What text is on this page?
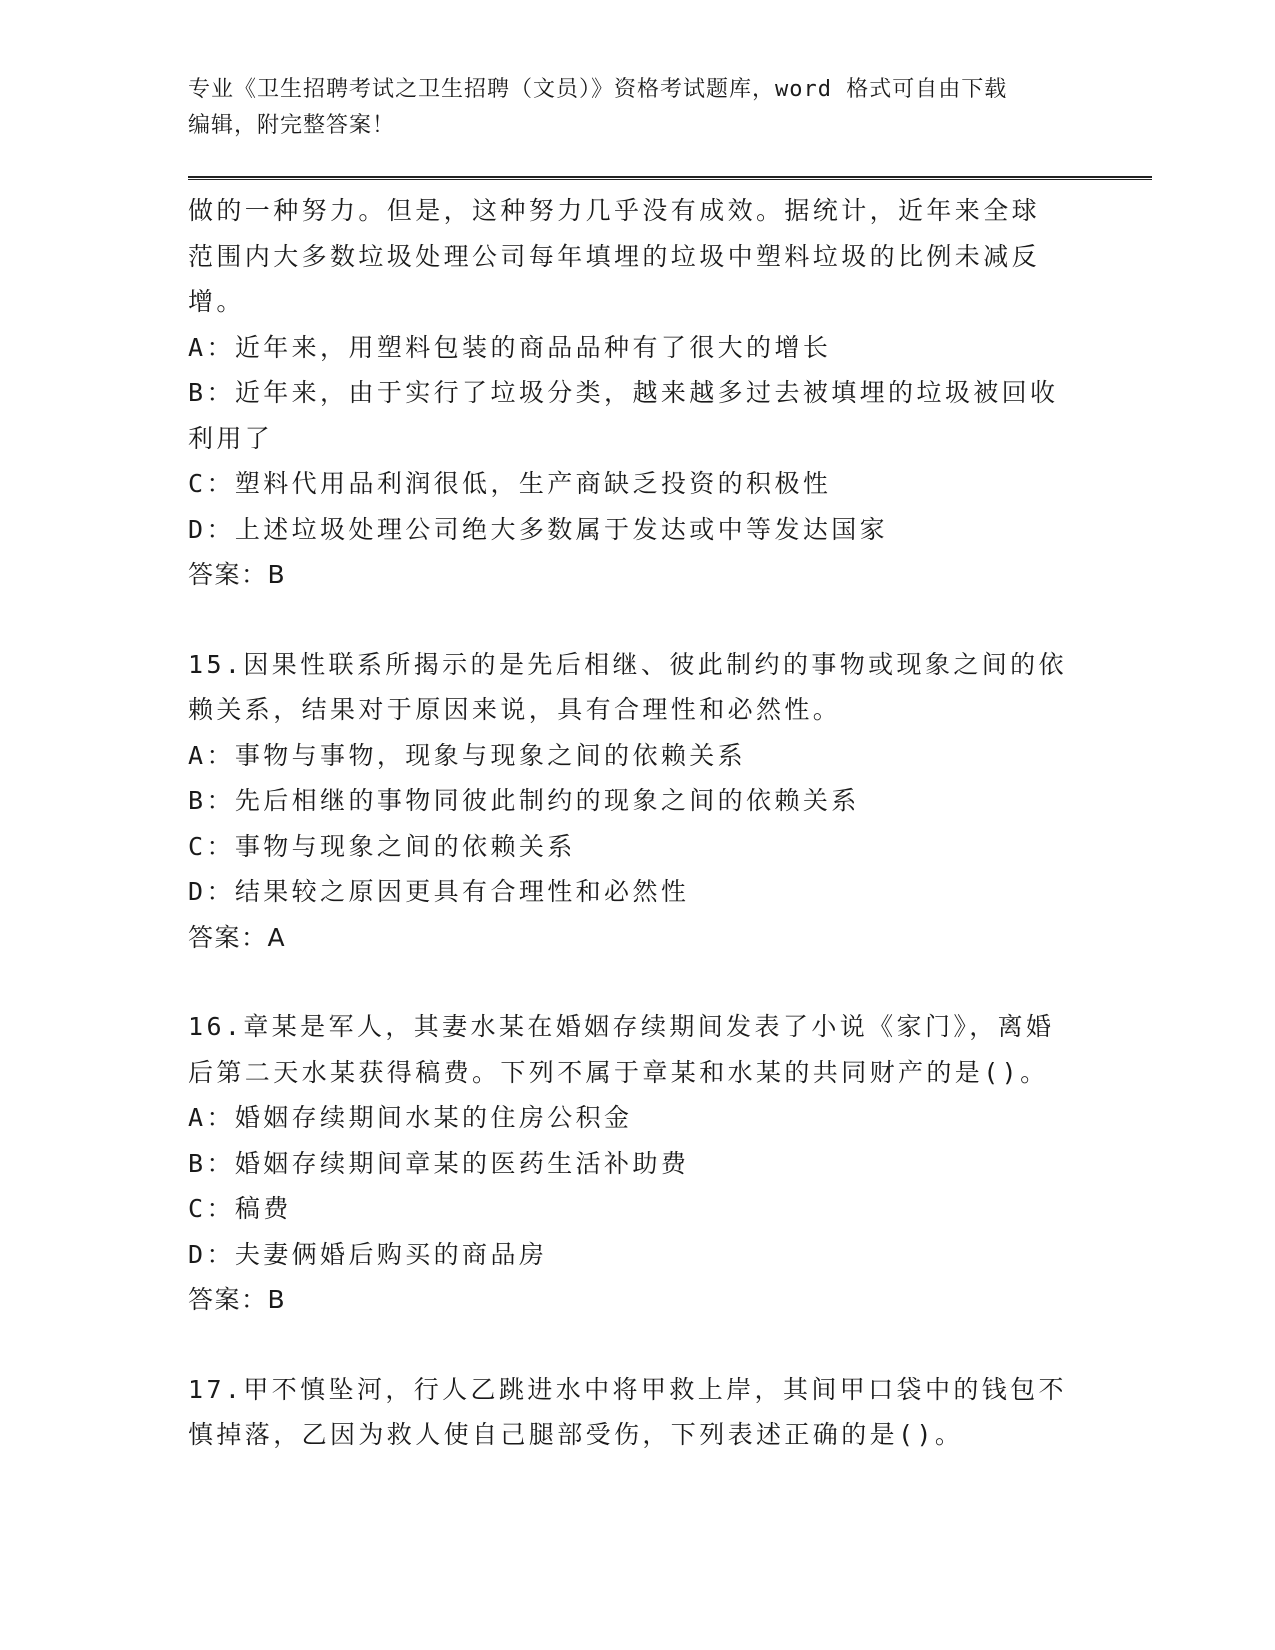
专业《卫生招聘考试之卫生招聘（文员）》资格考试题库，word 格式可自由下载
编辑，附完整答案！
做的一种努力。但是，这种努力几乎没有成效。据统计，近年来全球
范围内大多数垃圾处理公司每年填埋的垃圾中塑料垃圾的比例未减反
增。
A：近年来，用塑料包装的商品品种有了很大的增长
B：近年来，由于实行了垃圾分类，越来越多过去被填埋的垃圾被回收
利用了
C：塑料代用品利润很低，生产商缺乏投资的积极性
D：上述垃圾处理公司绝大多数属于发达或中等发达国家
答案：B
15.因果性联系所揭示的是先后相继、彼此制约的事物或现象之间的依
赖关系，结果对于原因来说，具有合理性和必然性。
A：事物与事物，现象与现象之间的依赖关系
B：先后相继的事物同彼此制约的现象之间的依赖关系
C：事物与现象之间的依赖关系
D：结果较之原因更具有合理性和必然性
答案：A
16.章某是军人，其妻水某在婚姻存续期间发表了小说《家门》，离婚
后第二天水某获得稿费。下列不属于章某和水某的共同财产的是()。
A：婚姻存续期间水某的住房公积金
B：婚姻存续期间章某的医药生活补助费
C：稿费
D：夫妻俩婚后购买的商品房
答案：B
17.甲不慎坠河，行人乙跳进水中将甲救上岸，其间甲口袋中的钱包不
慎掉落，乙因为救人使自己腿部受伤，下列表述正确的是()。
